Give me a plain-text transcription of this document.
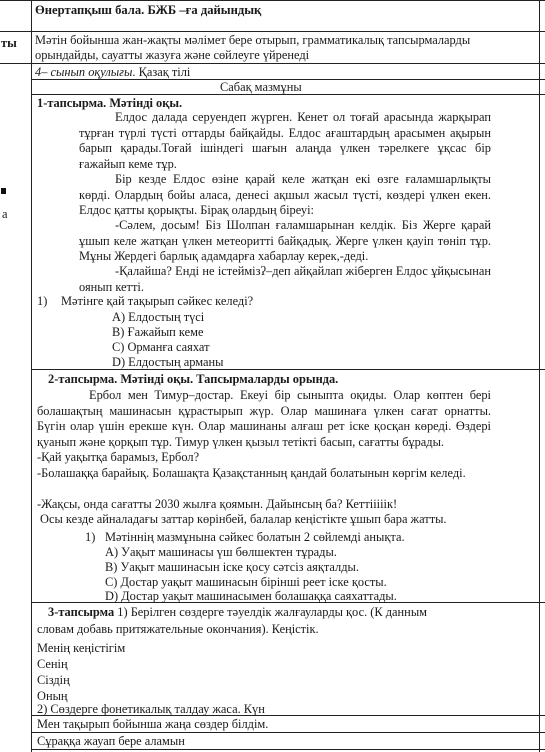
Өнертапқыш бала. БЖБ –ға дайындық
ты Мәтін бойынша жан-жақты мәлімет бере отырып, грамматикалық тапсырмаларды орындайды, сауатты жазуға және сөйлеуге үйренеді
4– сынып оқулығы. Қазақ тілі
Сабақ мазмұны
а
1-тапсырма. Мәтінді оқы.
Елдос далада серуендеп жүрген. Кенет ол тоғай арасында жарқырап тұрған түрлі түсті оттарды байқайды. Елдос ағаштардың арасымен ақырын барып қарады.Тоғай ішіндегі шағын алаңда үлкен тәрелкеге ұқсас бір ғажайып кеме тұр.
Бір кезде Елдос өзіне қарай келе жатқан екі өзге ғаламшарлықты көрді. Олардың бойы аласа, денесі ақшыл жасыл түсті, көздері үлкен екен. Елдос қатты қорықты. Бірақ олардың біреуі:
-Сәлем, досым! Біз Шолпан ғаламшарынан келдік. Біз Жерге қарай ұшып келе жатқан үлкен метеоритті байқадық. Жерге үлкен қауіп төніп тұр. Мұны Жердегі барлық адамдарға хабарлау керек,-деді.
-Қалайша? Енді не істеймізʔ–деп айқайлап жіберген Елдос ұйқысынан оянып кетті.
1) Мәтінге қай тақырып сәйкес келеді?
A) Елдостың түсі
B) Ғажайып кеме
C) Орманға саяхат
D) Елдостың арманы
2-тапсырма. Мәтінді оқы. Тапсырмаларды орында.
Ербол мен Тимур–достар. Екеуі бір сыныпта оқиды. Олар көптен бері болашақтың машинасын құрастырып жүр. Олар машинаға үлкен сағат орнатты. Бүгін олар үшін ерекше күн. Олар машинаны алғаш рет іске қосқан көреді. Өздері қуанып және қорқып тұр. Тимур үлкен қызыл тетікті басып, сағатты бұрады.
-Қай уақытқа барамыз, Ербол?
-Болашаққа барайық. Болашақта Қазақстанның қандай болатынын көргім келеді.
-Жақсы, онда сағатты 2030 жылға қоямын. Дайынсың ба? Кеттііііік!
Осы кезде айналадағы заттар көрінбей, балалар кеңістікте ұшып бара жатты.
1) Мәтіннің мазмұнына сәйкес болатын 2 сөйлемді анықта.
A) Уақыт машинасы үш бөлшектен тұрады.
B) Уақыт машинасын іске қосу сәтсіз аяқталды.
C) Достар уақыт машинасын бірінші реет іске қосты.
D) Достар уақыт машинасымен болашаққа саяхаттады.
3-тапсырма 1) Берілген сөздерге тәуелдік жалғауларды қос. (К данным
словам добавь притяжательные окончания). Кеңістік.
Менің кеңістігім
Сенің
Сіздің
Оның
2) Сөздерге фонетикалық талдау жаса. Күн
Мен тақырып бойынша жаңа сөздер білдім.
Сұраққа жауап бере аламын
